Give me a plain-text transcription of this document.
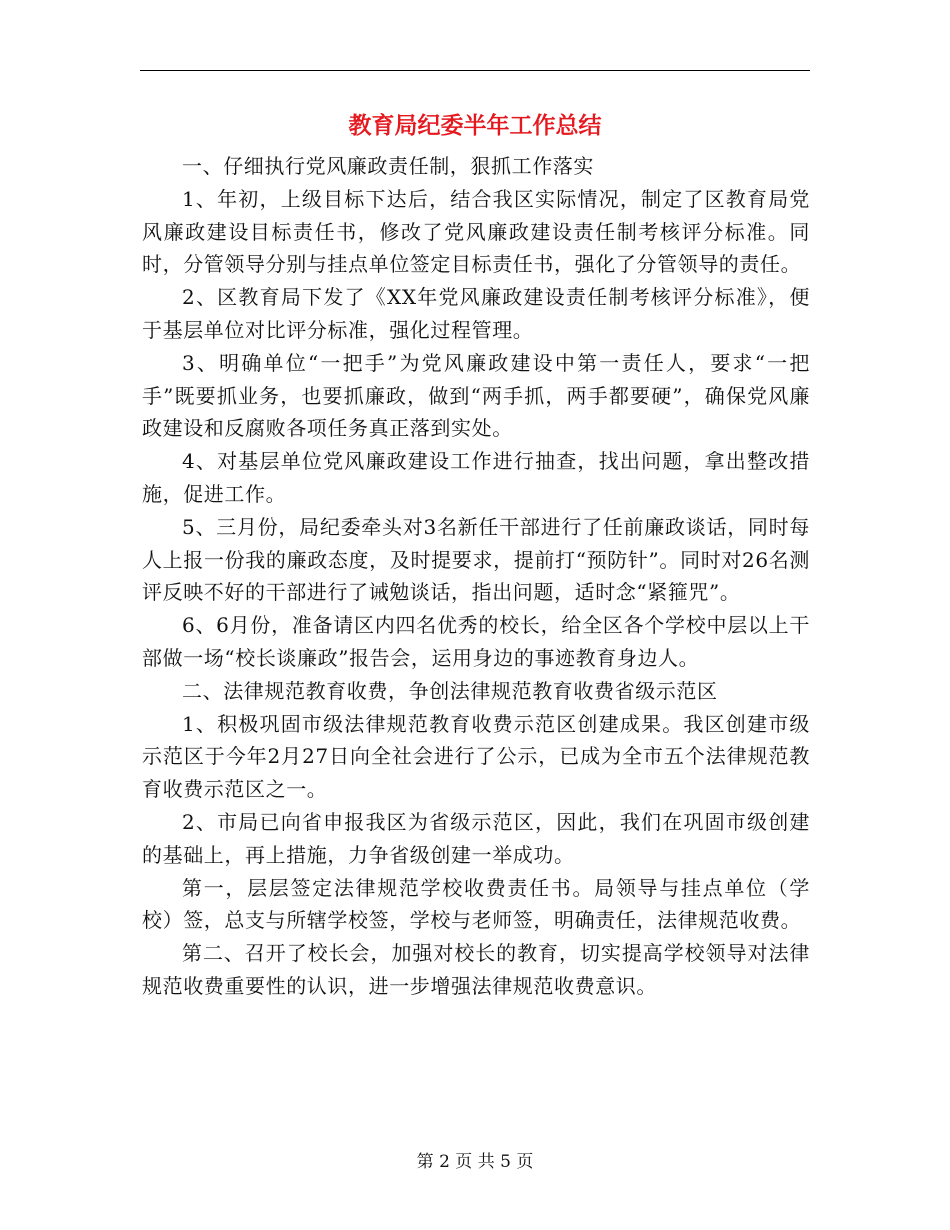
教育局纪委半年工作总结

一、仔细执行党风廉政责任制，狠抓工作落实

1、年初，上级目标下达后，结合我区实际情况，制定了区教育局党风廉政建设目标责任书，修改了党风廉政建设责任制考核评分标准。同时，分管领导分别与挂点单位签定目标责任书，强化了分管领导的责任。

2、区教育局下发了《XX年党风廉政建设责任制考核评分标准》，便于基层单位对比评分标准，强化过程管理。

3、明确单位“一把手”为党风廉政建设中第一责任人，要求“一把手”既要抓业务，也要抓廉政，做到“两手抓，两手都要硬”，确保党风廉政建设和反腐败各项任务真正落到实处。

4、对基层单位党风廉政建设工作进行抽查，找出问题，拿出整改措施，促进工作。

5、三月份，局纪委牵头对3名新任干部进行了任前廉政谈话，同时每人上报一份我的廉政态度，及时提要求，提前打“预防针”。同时对26名测评反映不好的干部进行了诫勉谈话，指出问题，适时念“紧箍咒”。

6、6月份，准备请区内四名优秀的校长，给全区各个学校中层以上干部做一场“校长谈廉政”报告会，运用身边的事迹教育身边人。

二、法律规范教育收费，争创法律规范教育收费省级示范区

1、积极巩固市级法律规范教育收费示范区创建成果。我区创建市级示范区于今年2月27日向全社会进行了公示，已成为全市五个法律规范教育收费示范区之一。

2、市局已向省申报我区为省级示范区，因此，我们在巩固市级创建的基础上，再上措施，力争省级创建一举成功。

第一，层层签定法律规范学校收费责任书。局领导与挂点单位（学校）签，总支与所辖学校签，学校与老师签，明确责任，法律规范收费。

第二、召开了校长会，加强对校长的教育，切实提高学校领导对法律规范收费重要性的认识，进一步增强法律规范收费意识。

第 2 页 共 5 页
